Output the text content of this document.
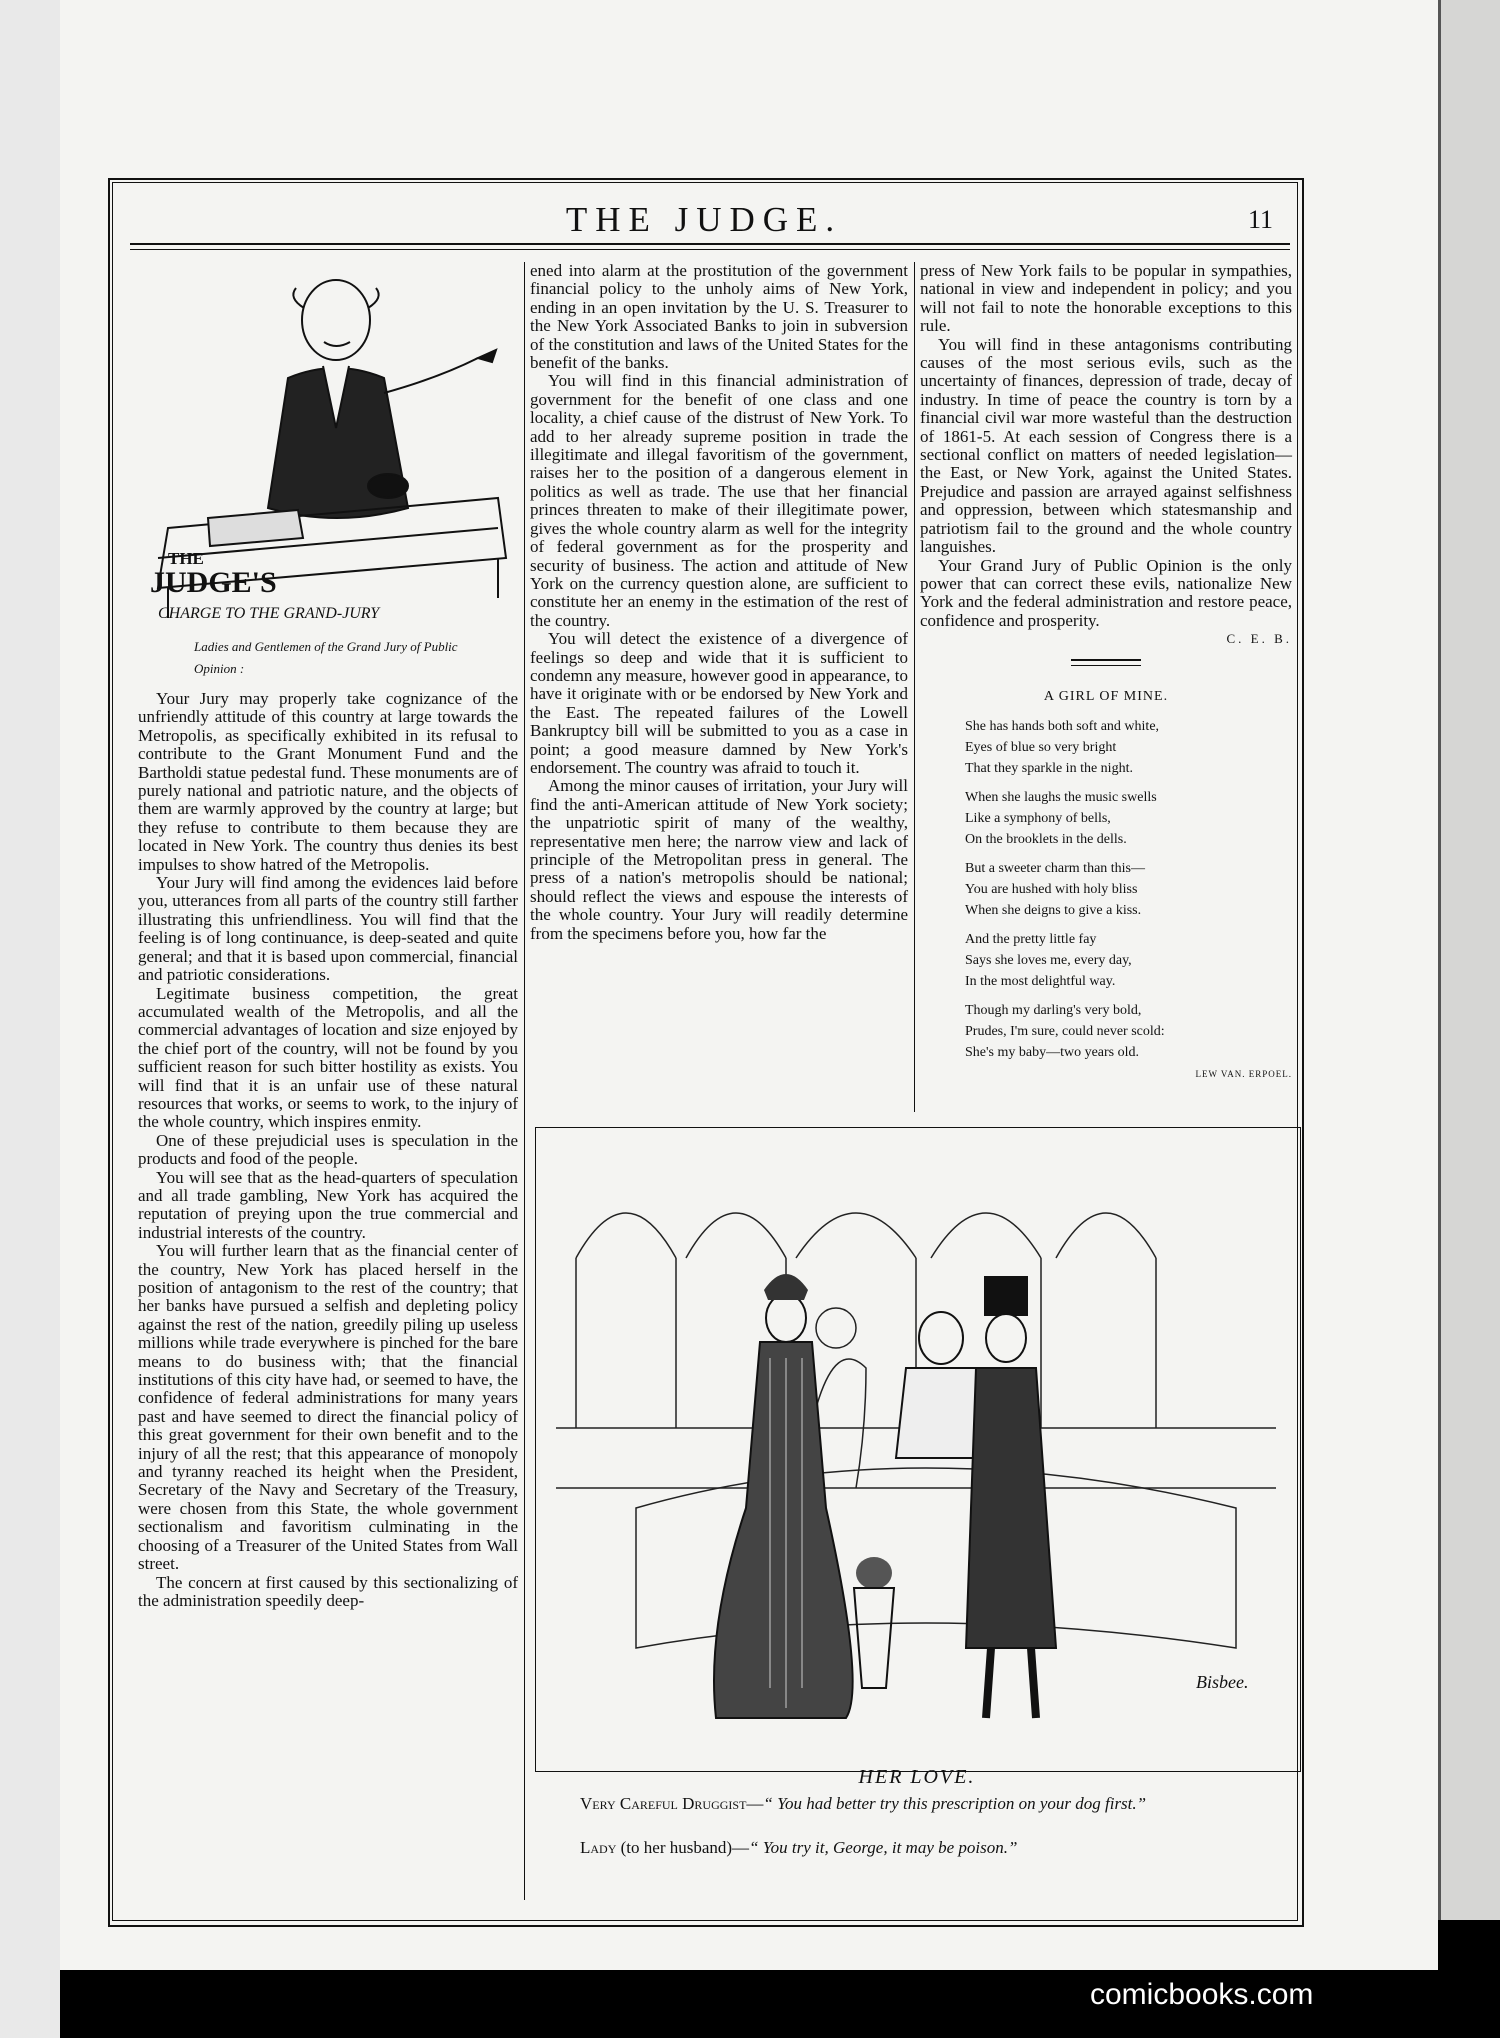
THE JUDGE.	11
THE
JUDGE'S
CHARGE TO THE GRAND-JURY
Ladies and Gentlemen of the Grand Jury of Public
Opinion :

Your Jury may properly take cognizance of the unfriendly attitude of this country at large towards the Metropolis, as specifically exhibited in its refusal to contribute to the Grant Monument Fund and the Bartholdi statue pedestal fund. These monuments are of purely national and patriotic nature, and the objects of them are warmly approved by the country at large; but they refuse to contribute to them because they are located in New York. The country thus denies its best impulses to show hatred of the Metropolis.

Your Jury will find among the evidences laid before you, utterances from all parts of the country still farther illustrating this unfriendliness. You will find that the feeling is of long continuance, is deep-seated and quite general; and that it is based upon commercial, financial and patriotic considerations.

Legitimate business competition, the great accumulated wealth of the Metropolis, and all the commercial advantages of location and size enjoyed by the chief port of the country, will not be found by you sufficient reason for such bitter hostility as exists. You will find that it is an unfair use of these natural resources that works, or seems to work, to the injury of the whole country, which inspires enmity.

One of these prejudicial uses is speculation in the products and food of the people.

You will see that as the head-quarters of speculation and all trade gambling, New York has acquired the reputation of preying upon the true commercial and industrial interests of the country.

You will further learn that as the financial center of the country, New York has placed herself in the position of antagonism to the rest of the country; that her banks have pursued a selfish and depleting policy against the rest of the nation, greedily piling up useless millions while trade everywhere is pinched for the bare means to do business with; that the financial institutions of this city have had, or seemed to have, the confidence of federal administrations for many years past and have seemed to direct the financial policy of this great government for their own benefit and to the injury of all the rest; that this appearance of monopoly and tyranny reached its height when the President, Secretary of the Navy and Secretary of the Treasury, were chosen from this State, the whole government sectionalism and favoritism culminating in the choosing of a Treasurer of the United States from Wall street.

The concern at first caused by this sectionalizing of the administration speedily deep-

ened into alarm at the prostitution of the government financial policy to the unholy aims of New York, ending in an open invitation by the U. S. Treasurer to the New York Associated Banks to join in subversion of the constitution and laws of the United States for the benefit of the banks.

You will find in this financial administration of government for the benefit of one class and one locality, a chief cause of the distrust of New York. To add to her already supreme position in trade the illegitimate and illegal favoritism of the government, raises her to the position of a dangerous element in politics as well as trade. The use that her financial princes threaten to make of their illegitimate power, gives the whole country alarm as well for the integrity of federal government as for the prosperity and security of business. The action and attitude of New York on the currency question alone, are sufficient to constitute her an enemy in the estimation of the rest of the country.

You will detect the existence of a divergence of feelings so deep and wide that it is sufficient to condemn any measure, however good in appearance, to have it originate with or be endorsed by New York and the East. The repeated failures of the Lowell Bankruptcy bill will be submitted to you as a case in point; a good measure damned by New York's endorsement. The country was afraid to touch it.

Among the minor causes of irritation, your Jury will find the anti-American attitude of New York society; the unpatriotic spirit of many of the wealthy, representative men here; the narrow view and lack of principle of the Metropolitan press in general. The press of a nation's metropolis should be national; should reflect the views and espouse the interests of the whole country. Your Jury will readily determine from the specimens before you, how far the

press of New York fails to be popular in sympathies, national in view and independent in policy; and you will not fail to note the honorable exceptions to this rule.

You will find in these antagonisms contributing causes of the most serious evils, such as the uncertainty of finances, depression of trade, decay of industry. In time of peace the country is torn by a financial civil war more wasteful than the destruction of 1861-5. At each session of Congress there is a sectional conflict on matters of needed legislation—the East, or New York, against the United States. Prejudice and passion are arrayed against selfishness and oppression, between which statesmanship and patriotism fail to the ground and the whole country languishes.

Your Grand Jury of Public Opinion is the only power that can correct these evils, nationalize New York and the federal administration and restore peace, confidence and prosperity.

C. E. B.
A GIRL OF MINE.
She has hands both soft and white,
Eyes of blue so very bright
That they sparkle in the night.
When she laughs the music swells
Like a symphony of bells,
On the brooklets in the dells.
But a sweeter charm than this—
You are hushed with holy bliss
When she deigns to give a kiss.
And the pretty little fay
Says she loves me, every day,
In the most delightful way.
Though my darling's very bold,
Prudes, I'm sure, could never scold:
She's my baby—two years old.
LEW VAN. ERPOEL.
Bisbee.
HER LOVE.
Very Careful Druggist—“ You had better try this prescription on your dog first.”
Lady (to her husband)—“ You try it, George, it may be poison.”
comicbooks.com
